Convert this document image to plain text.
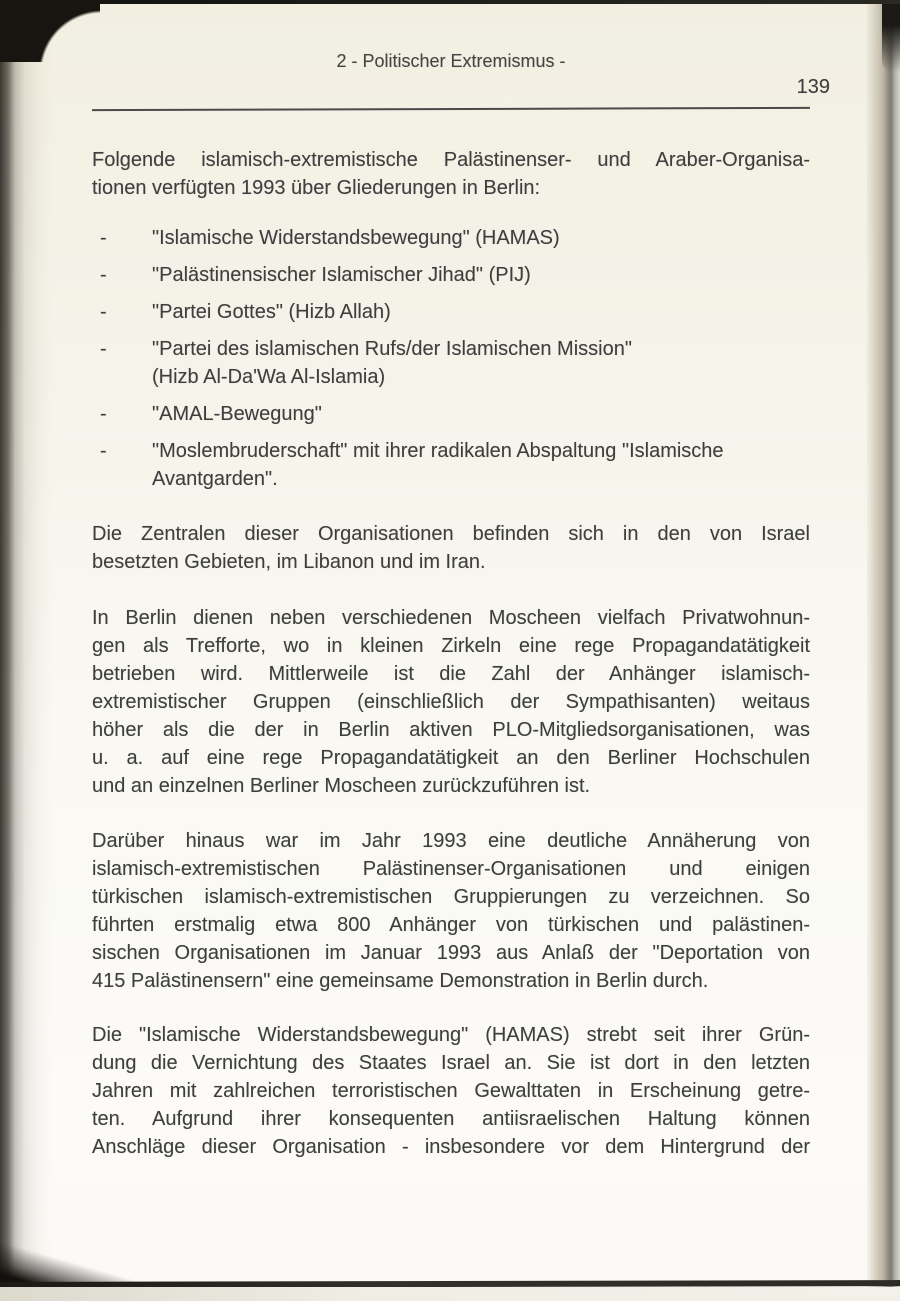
2 - Politischer Extremismus -
139
Folgende islamisch-extremistische Palästinenser- und Araber-Organisa-
tionen verfügten 1993 über Gliederungen in Berlin:
- "Islamische Widerstandsbewegung" (HAMAS)
- "Palästinensischer Islamischer Jihad" (PIJ)
- "Partei Gottes" (Hizb Allah)
- "Partei des islamischen Rufs/der Islamischen Mission"
(Hizb Al-Da'Wa Al-Islamia)
- "AMAL-Bewegung"
- "Moslembruderschaft" mit ihrer radikalen Abspaltung "Islamische
Avantgarden".
Die Zentralen dieser Organisationen befinden sich in den von Israel
besetzten Gebieten, im Libanon und im Iran.
In Berlin dienen neben verschiedenen Moscheen vielfach Privatwohnun-
gen als Trefforte, wo in kleinen Zirkeln eine rege Propagandatätigkeit
betrieben wird. Mittlerweile ist die Zahl der Anhänger islamisch-
extremistischer Gruppen (einschließlich der Sympathisanten) weitaus
höher als die der in Berlin aktiven PLO-Mitgliedsorganisationen, was
u. a. auf eine rege Propagandatätigkeit an den Berliner Hochschulen
und an einzelnen Berliner Moscheen zurückzuführen ist.
Darüber hinaus war im Jahr 1993 eine deutliche Annäherung von
islamisch-extremistischen Palästinenser-Organisationen und einigen
türkischen islamisch-extremistischen Gruppierungen zu verzeichnen. So
führten erstmalig etwa 800 Anhänger von türkischen und palästinen-
sischen Organisationen im Januar 1993 aus Anlaß der "Deportation von
415 Palästinensern" eine gemeinsame Demonstration in Berlin durch.
Die "Islamische Widerstandsbewegung" (HAMAS) strebt seit ihrer Grün-
dung die Vernichtung des Staates Israel an. Sie ist dort in den letzten
Jahren mit zahlreichen terroristischen Gewalttaten in Erscheinung getre-
ten. Aufgrund ihrer konsequenten antiisraelischen Haltung können
Anschläge dieser Organisation - insbesondere vor dem Hintergrund der
